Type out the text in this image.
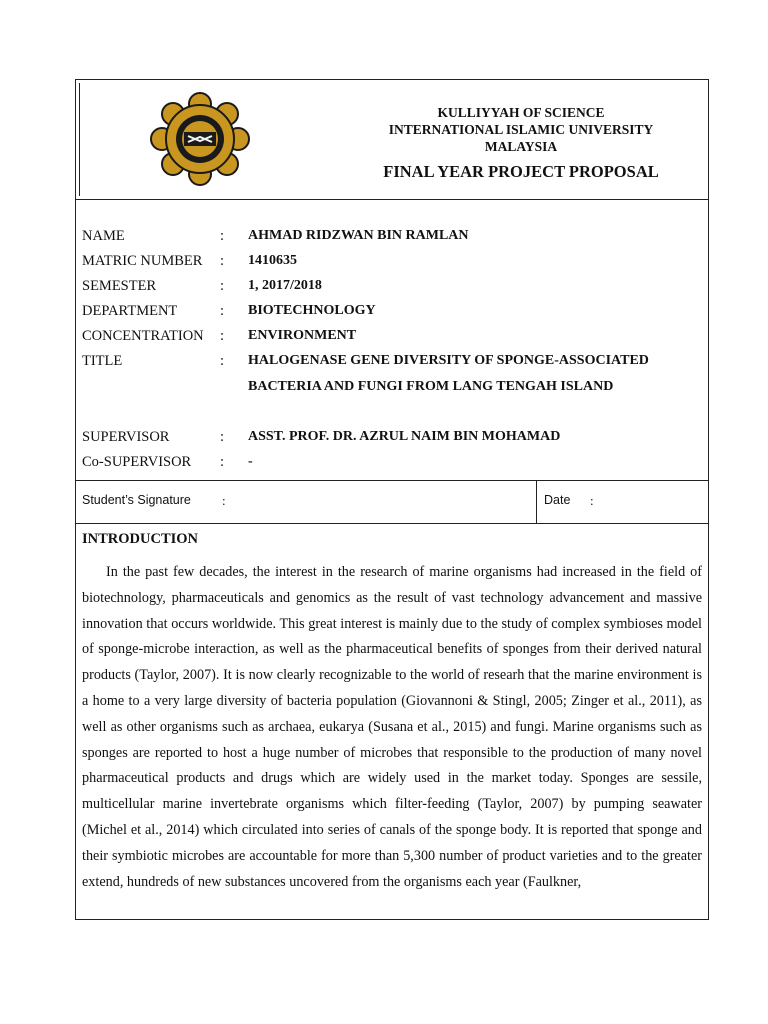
KULLIYYAH OF SCIENCE
INTERNATIONAL ISLAMIC UNIVERSITY
MALAYSIA
FINAL YEAR PROJECT PROPOSAL
NAME	: AHMAD RIDZWAN BIN RAMLAN
MATRIC NUMBER : 1410635
SEMESTER	: 1, 2017/2018
DEPARTMENT	: BIOTECHNOLOGY
CONCENTRATION : ENVIRONMENT
TITLE	: HALOGENASE GENE DIVERSITY OF SPONGE-ASSOCIATED
BACTERIA AND FUNGI FROM LANG TENGAH ISLAND
SUPERVISOR	: ASST. PROF. DR. AZRUL NAIM BIN MOHAMAD
Co-SUPERVISOR : -
Student’s Signature :	Date :
INTRODUCTION
In the past few decades, the interest in the research of marine organisms had increased in the field of biotechnology, pharmaceuticals and genomics as the result of vast technology advancement and massive innovation that occurs worldwide. This great interest is mainly due to the study of complex symbioses model of sponge-microbe interaction, as well as the pharmaceutical benefits of sponges from their derived natural products (Taylor, 2007). It is now clearly recognizable to the world of researh that the marine environment is a home to a very large diversity of bacteria population (Giovannoni & Stingl, 2005; Zinger et al., 2011), as well as other organisms such as archaea, eukarya (Susana et al., 2015) and fungi. Marine organisms such as sponges are reported to host a huge number of microbes that responsible to the production of many novel pharmaceutical products and drugs which are widely used in the market today. Sponges are sessile, multicellular marine invertebrate organisms which filter-feeding (Taylor, 2007) by pumping seawater (Michel et al., 2014) which circulated into series of canals of the sponge body. It is reported that sponge and their symbiotic microbes are accountable for more than 5,300 number of product varieties and to the greater extend, hundreds of new substances uncovered from the organisms each year (Faulkner,
